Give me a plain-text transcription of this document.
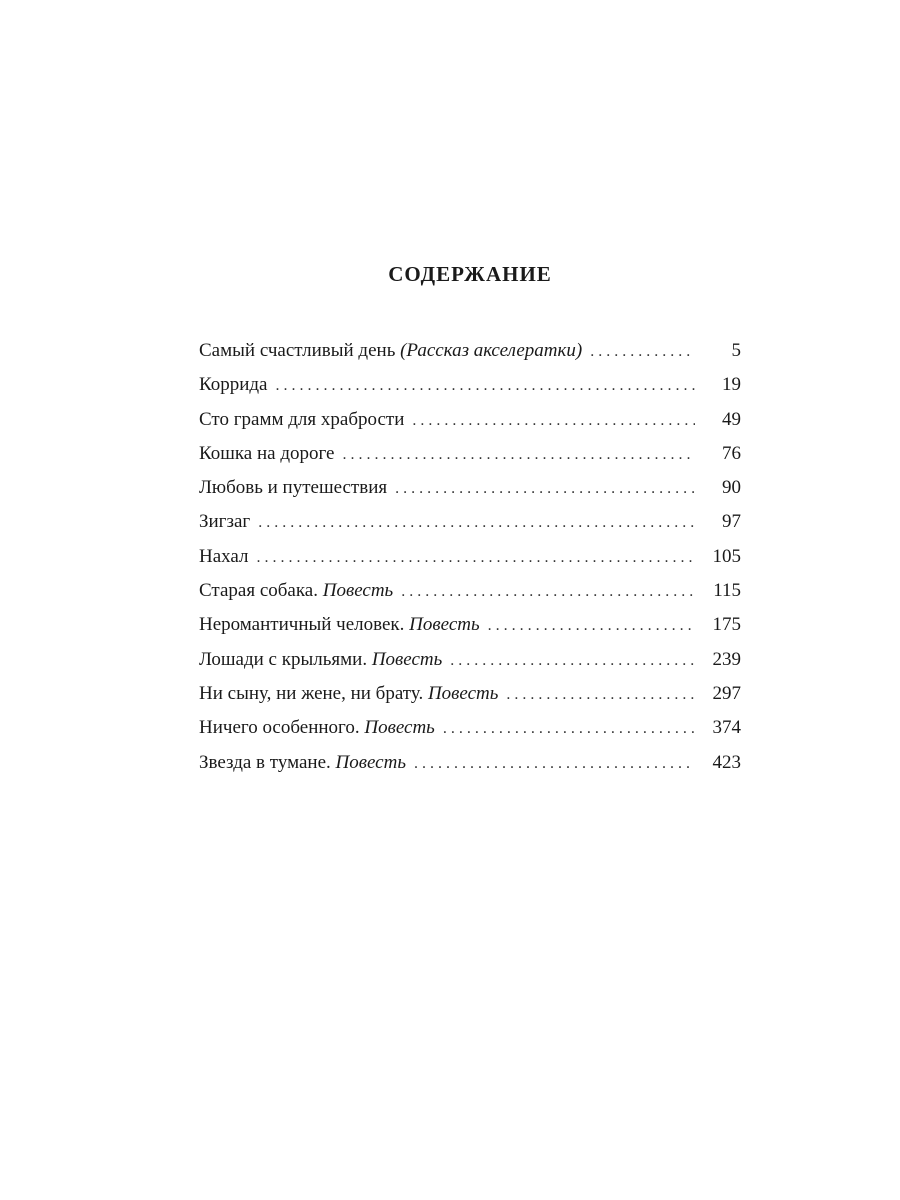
СОДЕРЖАНИЕ
Самый счастливый день (Рассказ акселератки) . . .	5
Коррида . . .	19
Сто грамм для храбрости . . .	49
Кошка на дороге . . .	76
Любовь и путешествия . . .	90
Зигзаг . . .	97
Нахал . . .	105
Старая собака. Повесть . . .	115
Неромантичный человек. Повесть . . .	175
Лошади с крыльями. Повесть . . .	239
Ни сыну, ни жене, ни брату. Повесть . . .	297
Ничего особенного. Повесть . . .	374
Звезда в тумане. Повесть . . .	423
